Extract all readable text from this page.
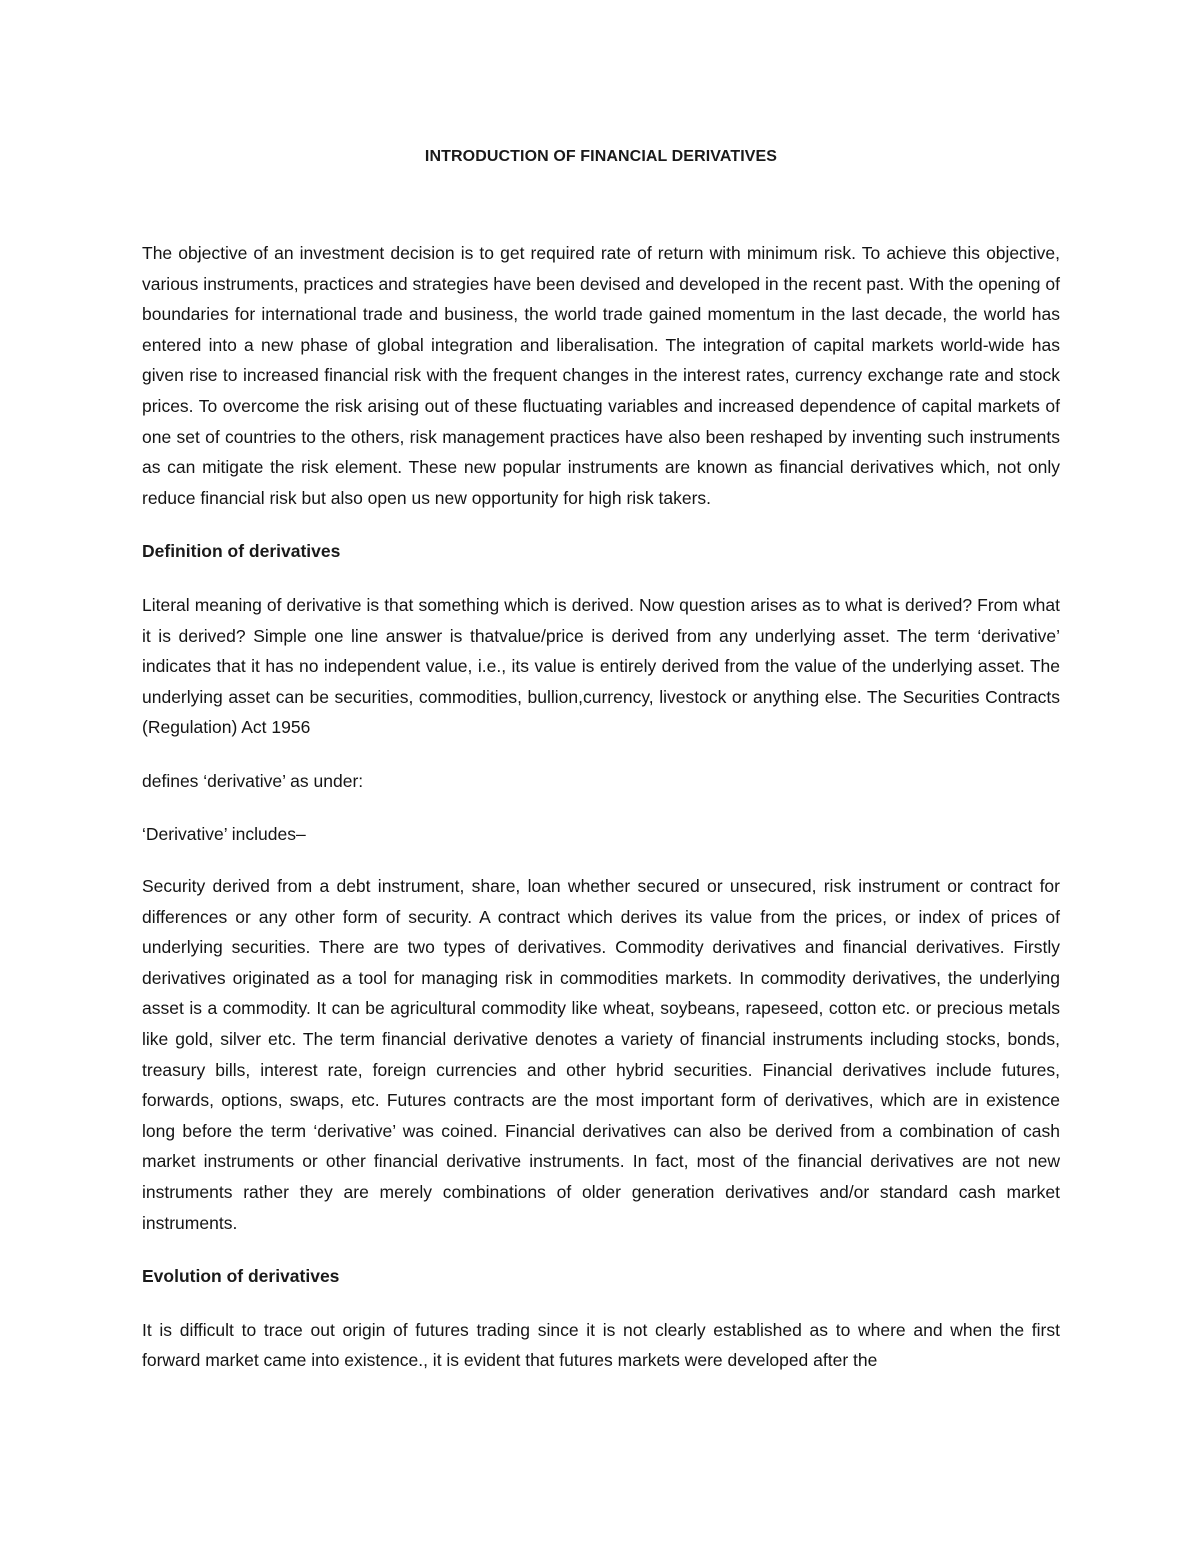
INTRODUCTION OF FINANCIAL DERIVATIVES

The objective of an investment decision is to get required rate of return with minimum risk. To achieve this objective, various instruments, practices and strategies have been devised and developed in the recent past. With the opening of boundaries for international trade and business, the world trade gained momentum in the last decade, the world has entered into a new phase of global integration and liberalisation. The integration of capital markets world-wide has given rise to increased financial risk with the frequent changes in the interest rates, currency exchange rate and stock prices. To overcome the risk arising out of these fluctuating variables and increased dependence of capital markets of one set of countries to the others, risk management practices have also been reshaped by inventing such instruments as can mitigate the risk element. These new popular instruments are known as financial derivatives which, not only reduce financial risk but also open us new opportunity for high risk takers.

Definition of derivatives

Literal meaning of derivative is that something which is derived. Now question arises as to what is derived? From what it is derived? Simple one line answer is thatvalue/price is derived from any underlying asset. The term ‘derivative’ indicates that it has no independent value, i.e., its value is entirely derived from the value of the underlying asset. The underlying asset can be securities, commodities, bullion,currency, livestock or anything else. The Securities Contracts (Regulation) Act 1956

defines ‘derivative’ as under:

‘Derivative’ includes–

Security derived from a debt instrument, share, loan whether secured or unsecured, risk instrument or contract for differences or any other form of security. A contract which derives its value from the prices, or index of prices of underlying securities. There are two types of derivatives. Commodity derivatives and financial derivatives. Firstly derivatives originated as a tool for managing risk in commodities markets. In commodity derivatives, the underlying asset is a commodity. It can be agricultural commodity like wheat, soybeans, rapeseed, cotton etc. or precious metals like gold, silver etc. The term financial derivative denotes a variety of financial instruments including stocks, bonds, treasury bills, interest rate, foreign currencies and other hybrid securities. Financial derivatives include futures, forwards, options, swaps, etc. Futures contracts are the most important form of derivatives, which are in existence long before the term ‘derivative’ was coined. Financial derivatives can also be derived from a combination of cash market instruments or other financial derivative instruments. In fact, most of the financial derivatives are not new instruments rather they are merely combinations of older generation derivatives and/or standard cash market instruments.

Evolution of derivatives

It is difficult to trace out origin of futures trading since it is not clearly established as to where and when the first forward market came into existence., it is evident that futures markets were developed after the
